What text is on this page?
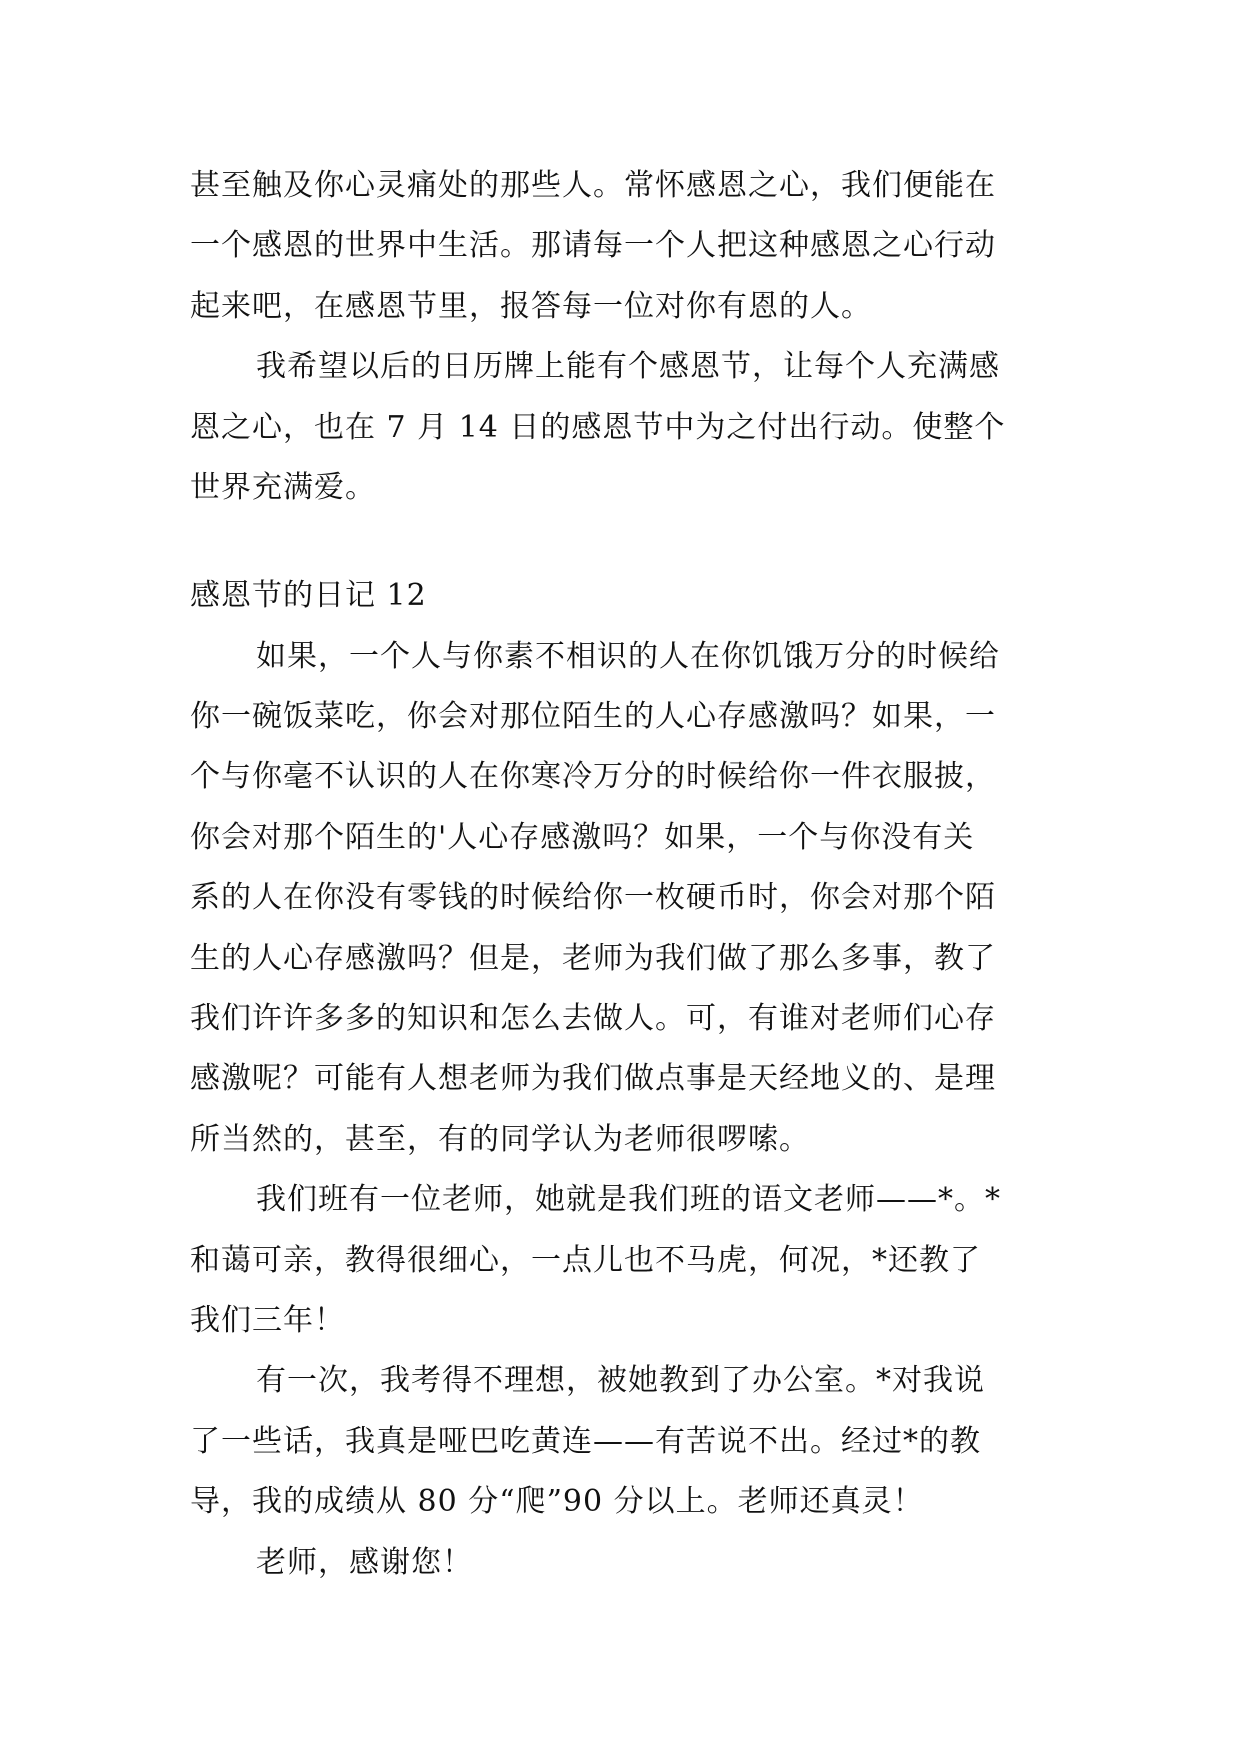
甚至触及你心灵痛处的那些人。常怀感恩之心，我们便能在
一个感恩的世界中生活。那请每一个人把这种感恩之心行动
起来吧，在感恩节里，报答每一位对你有恩的人。
我希望以后的日历牌上能有个感恩节，让每个人充满感
恩之心，也在 7 月 14 日的感恩节中为之付出行动。使整个
世界充满爱。
感恩节的日记 12
如果，一个人与你素不相识的人在你饥饿万分的时候给
你一碗饭菜吃，你会对那位陌生的人心存感激吗？如果，一
个与你毫不认识的人在你寒冷万分的时候给你一件衣服披，
你会对那个陌生的'人心存感激吗？如果，一个与你没有关
系的人在你没有零钱的时候给你一枚硬币时，你会对那个陌
生的人心存感激吗？但是，老师为我们做了那么多事，教了
我们许许多多的知识和怎么去做人。可，有谁对老师们心存
感激呢？可能有人想老师为我们做点事是天经地义的、是理
所当然的，甚至，有的同学认为老师很啰嗦。
我们班有一位老师，她就是我们班的语文老师——*。*
和蔼可亲，教得很细心，一点儿也不马虎，何况，*还教了
我们三年！
有一次，我考得不理想，被她教到了办公室。*对我说
了一些话，我真是哑巴吃黄连——有苦说不出。经过*的教
导，我的成绩从 80 分“爬”90 分以上。老师还真灵！
老师，感谢您！
